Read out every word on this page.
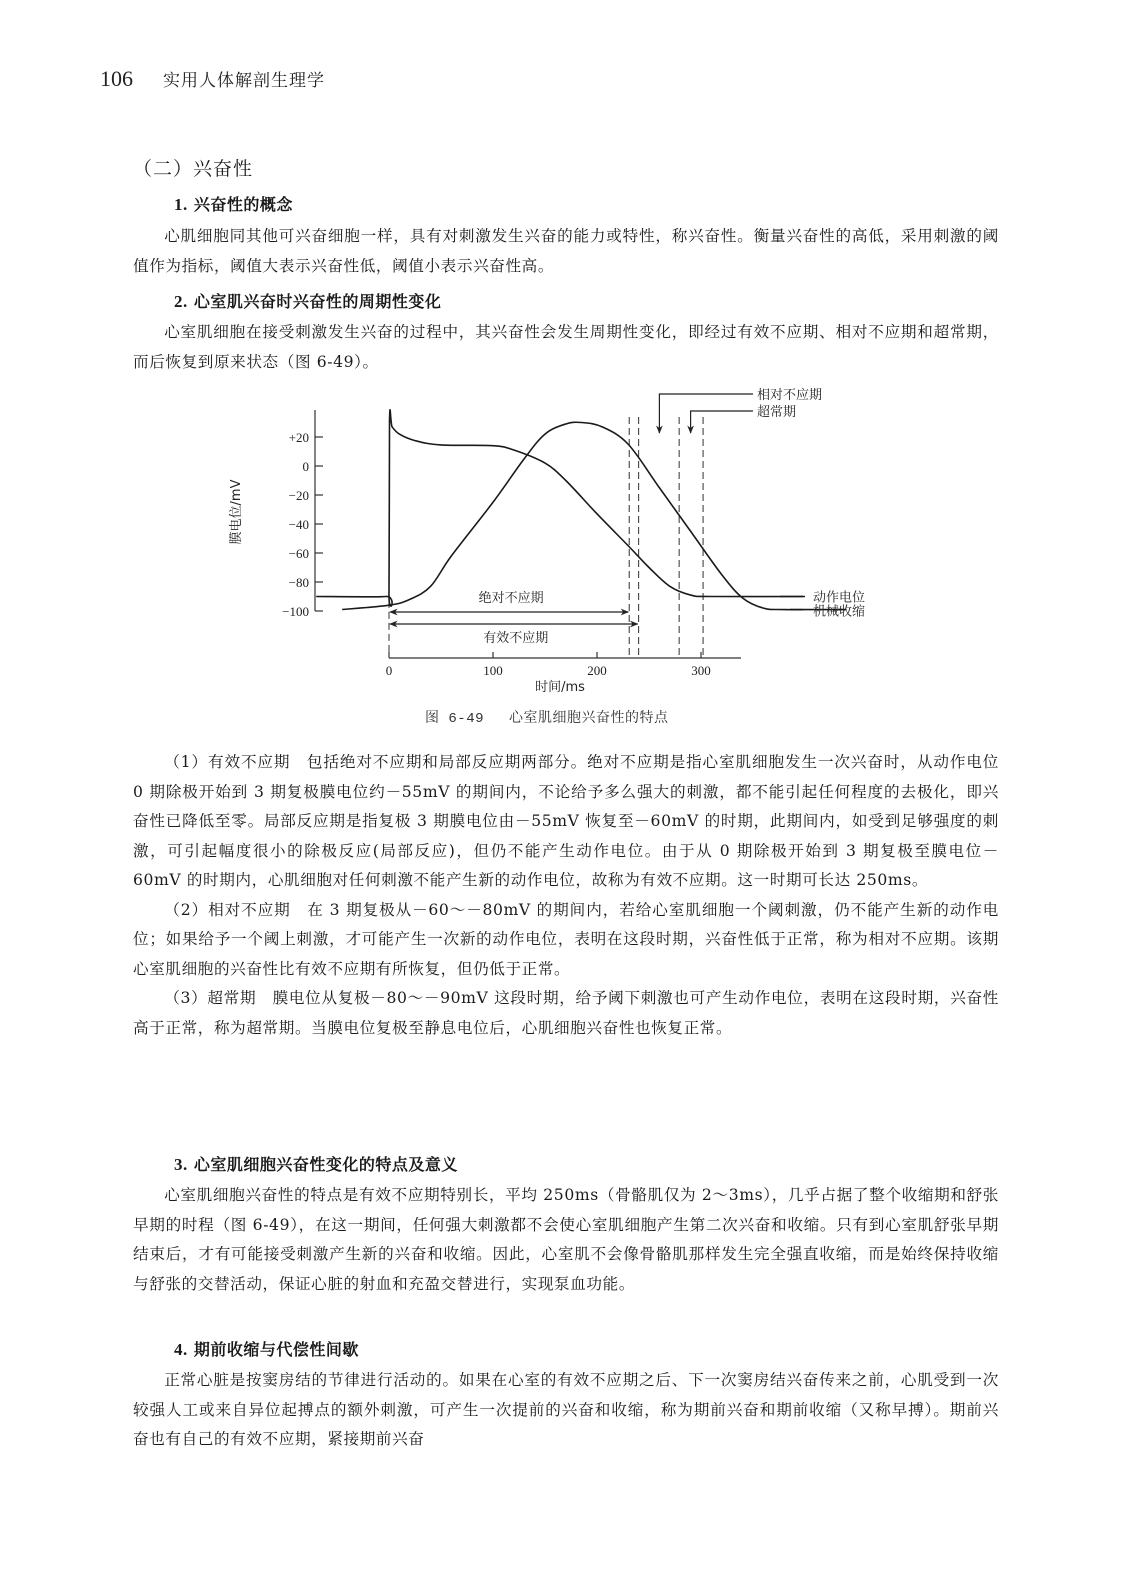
106 实用人体解剖生理学
（二）兴奋性
1. 兴奋性的概念

心肌细胞同其他可兴奋细胞一样，具有对刺激发生兴奋的能力或特性，称兴奋性。衡量兴奋性的高低，采用刺激的阈值作为指标，阈值大表示兴奋性低，阈值小表示兴奋性高。

2. 心室肌兴奋时兴奋性的周期性变化

心室肌细胞在接受刺激发生兴奋的过程中，其兴奋性会发生周期性变化，即经过有效不应期、相对不应期和超常期，而后恢复到原来状态（图 6-49）。

绝对不应期
有效不应期
相对不应期
超常期
+20
0
−20
−40
−60
−80
−100
膜电位/mV
0	100	200	300
时间/ms
动作电位
机械收缩
图 6-49 心室肌细胞兴奋性的特点

（1）有效不应期  包括绝对不应期和局部反应期两部分。绝对不应期是指心室肌细胞发生一次兴奋时，从动作电位 0 期除极开始到 3 期复极膜电位约－55mV 的期间内，不论给予多么强大的刺激，都不能引起任何程度的去极化，即兴奋性已降低至零。局部反应期是指复极 3 期膜电位由－55mV 恢复至－60mV 的时期，此期间内，如受到足够强度的刺激，可引起幅度很小的除极反应(局部反应)，但仍不能产生动作电位。由于从 0 期除极开始到 3 期复极至膜电位－60mV 的时期内，心肌细胞对任何刺激不能产生新的动作电位，故称为有效不应期。这一时期可长达 250ms。

（2）相对不应期  在 3 期复极从－60～－80mV 的期间内，若给心室肌细胞一个阈刺激，仍不能产生新的动作电位；如果给予一个阈上刺激，才可能产生一次新的动作电位，表明在这段时期，兴奋性低于正常，称为相对不应期。该期心室肌细胞的兴奋性比有效不应期有所恢复，但仍低于正常。

（3）超常期  膜电位从复极－80～－90mV 这段时期，给予阈下刺激也可产生动作电位，表明在这段时期，兴奋性高于正常，称为超常期。当膜电位复极至静息电位后，心肌细胞兴奋性也恢复正常。

3. 心室肌细胞兴奋性变化的特点及意义

心室肌细胞兴奋性的特点是有效不应期特别长，平均 250ms（骨骼肌仅为 2～3ms），几乎占据了整个收缩期和舒张早期的时程（图 6-49），在这一期间，任何强大刺激都不会使心室肌细胞产生第二次兴奋和收缩。只有到心室肌舒张早期结束后，才有可能接受刺激产生新的兴奋和收缩。因此，心室肌不会像骨骼肌那样发生完全强直收缩，而是始终保持收缩与舒张的交替活动，保证心脏的射血和充盈交替进行，实现泵血功能。

4. 期前收缩与代偿性间歇

正常心脏是按窦房结的节律进行活动的。如果在心室的有效不应期之后、下一次窦房结兴奋传来之前，心肌受到一次较强人工或来自异位起搏点的额外刺激，可产生一次提前的兴奋和收缩，称为期前兴奋和期前收缩（又称早搏）。期前兴奋也有自己的有效不应期，紧接期前兴奋
